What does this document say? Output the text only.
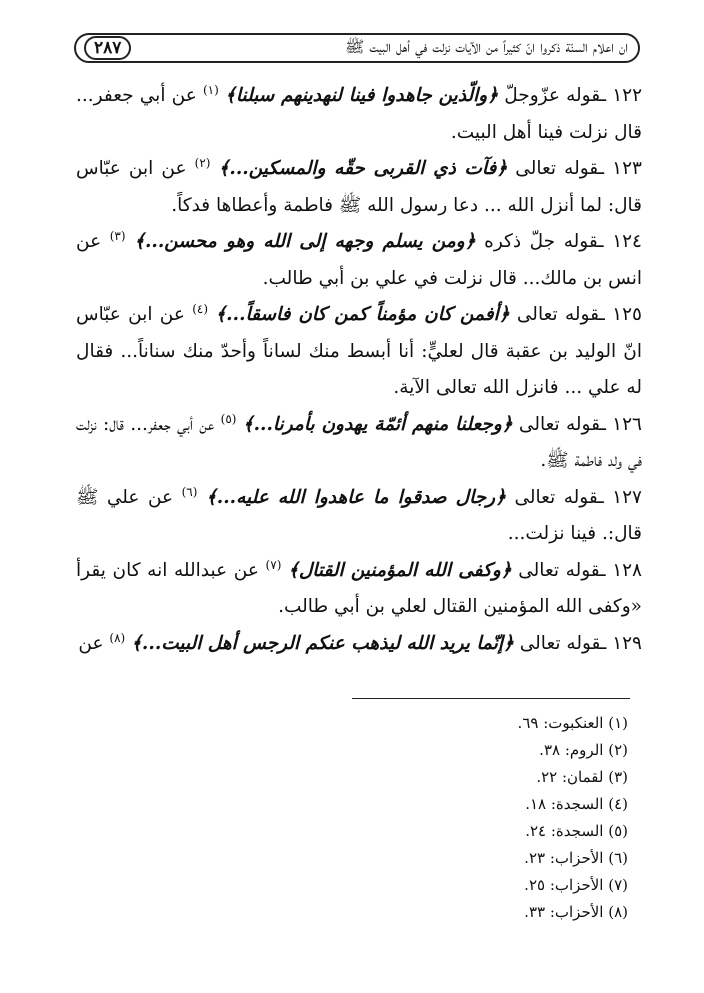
ان اعلام السنّة ذكروا انّ كثيراً من الآيات نزلت في أهل البيت ﷺ
٢٨٧

١٢٢ ـقوله عزّوجلّ ﴿والّذين جاهدوا فينا لنهدينهم سبلنا﴾ $^{(١)}$ عن أبي جعفر... قال نزلت فينا أهل البيت.

١٢٣ ـقوله تعالى ﴿فآت ذي القربى حقّه والمسكين...﴾ $^{(٢)}$ عن ابن عبّاس قال: لما أنزل الله ... دعا رسول الله ﷺ فاطمة وأعطاها فدكاً.

١٢٤ ـقوله جلّ ذكره ﴿ومن يسلم وجهه إلى الله وهو محسن...﴾ $^{(٣)}$ عن انس بن مالك... قال نزلت في علي بن أبي طالب.

١٢٥ ـقوله تعالى ﴿أفمن كان مؤمناً كمن كان فاسقاً...﴾ $^{(٤)}$ عن ابن عبّاس انّ الوليد بن عقبة قال لعليٍّ: أنا أبسط منك لساناً وأحدّ منك سناناً... فقال له علي ... فانزل الله تعالى الآية.

١٢٦ ـقوله تعالى ﴿وجعلنا منهم أئمّة يهدون بأمرنا...﴾ $^{(٥)}$ عن أبي جعفر... قال: نزلت في ولد فاطمة ﷺ.

١٢٧ ـقوله تعالى ﴿رجال صدقوا ما عاهدوا الله عليه...﴾ $^{(٦)}$ عن علي ﷺ قال:. فينا نزلت...

١٢٨ ـقوله تعالى ﴿وكفى الله المؤمنين القتال﴾ $^{(٧)}$ عن عبدالله انه كان يقرأ «وكفى الله المؤمنين القتال لعلي بن أبي طالب.

١٢٩ ـقوله تعالى ﴿إنّما يريد الله ليذهب عنكم الرجس أهل البيت...﴾ $^{(٨)}$ عن

(١) العنكبوت: ٦٩.

(٢) الروم: ٣٨.

(٣) لقمان: ٢٢.

(٤) السجدة: ١٨.

(٥) السجدة: ٢٤.

(٦) الأحزاب: ٢٣.

(٧) الأحزاب: ٢٥.

(٨) الأحزاب: ٣٣.
